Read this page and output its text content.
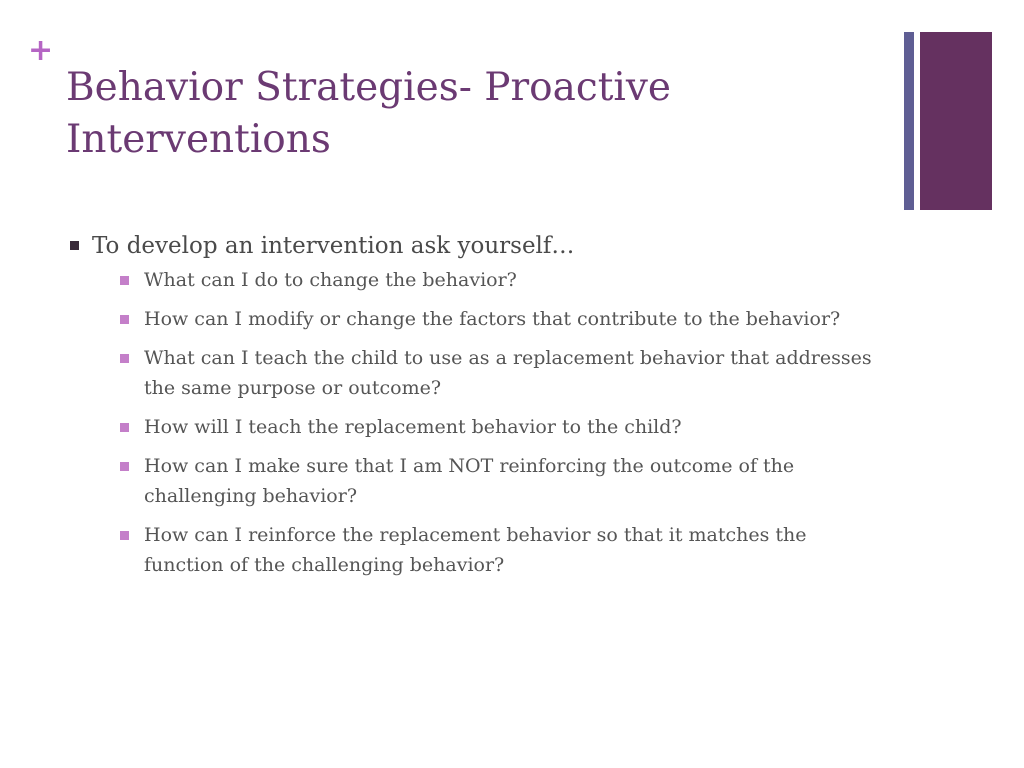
+
Behavior Strategies- Proactive Interventions
To develop an intervention ask yourself…
What can I do to change the behavior?
How can I modify or change the factors that contribute to the behavior?
What can I teach the child to use as a replacement behavior that addresses the same purpose or outcome?
How will I teach the replacement behavior to the child?
How can I make sure that I am NOT reinforcing the outcome of the challenging behavior?
How can I reinforce the replacement behavior so that it matches the function of the challenging behavior?
